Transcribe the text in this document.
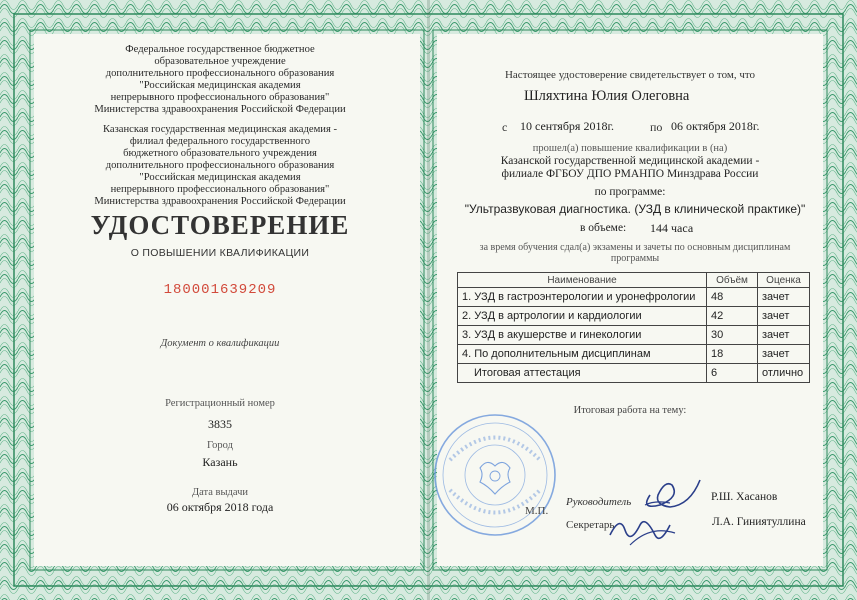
Федеральное государственное бюджетное
образовательное учреждение
дополнительного профессионального образования
"Российская медицинская академия
непрерывного профессионального образования"
Министерства здравоохранения Российской Федерации
Казанская государственная медицинская академия -
филиал федерального государственного
бюджетного образовательного учреждения
дополнительного профессионального образования
"Российская медицинская академия
непрерывного профессионального образования"
Министерства здравоохранения Российской Федерации
УДОСТОВЕРЕНИЕ
О ПОВЫШЕНИИ КВАЛИФИКАЦИИ
180001639209
Документ о квалификации
Регистрационный номер
3835
Город
Казань
Дата выдачи
06 октября 2018 года
Настоящее удостоверение свидетельствует о том, что
Шляхтина Юлия Олеговна
с 10 сентября 2018г.	по 06 октября 2018г.
прошел(а) повышение квалификации в (на)
Казанской государственной медицинской академии -
филиале ФГБОУ ДПО РМАНПО Минздрава России
по программе:
"Ультразвуковая диагностика. (УЗД в клинической практике)"
в объеме: 144 часа
за время обучения сдал(а) экзамены и зачеты по основным дисциплинам
программы
Наименование	Объём	Оценка
1. УЗД в гастроэнтерологии и уронефрологии	48	зачет
2. УЗД в артрологии и кардиологии	42	зачет
3. УЗД в акушерстве и гинекологии	30	зачет
4. По дополнительным дисциплинам	18	зачет
Итоговая аттестация	6	отлично
Итоговая работа на тему:
М.П.
Руководитель	Р.Ш. Хасанов
Секретарь	Л.А. Гиниятуллина
